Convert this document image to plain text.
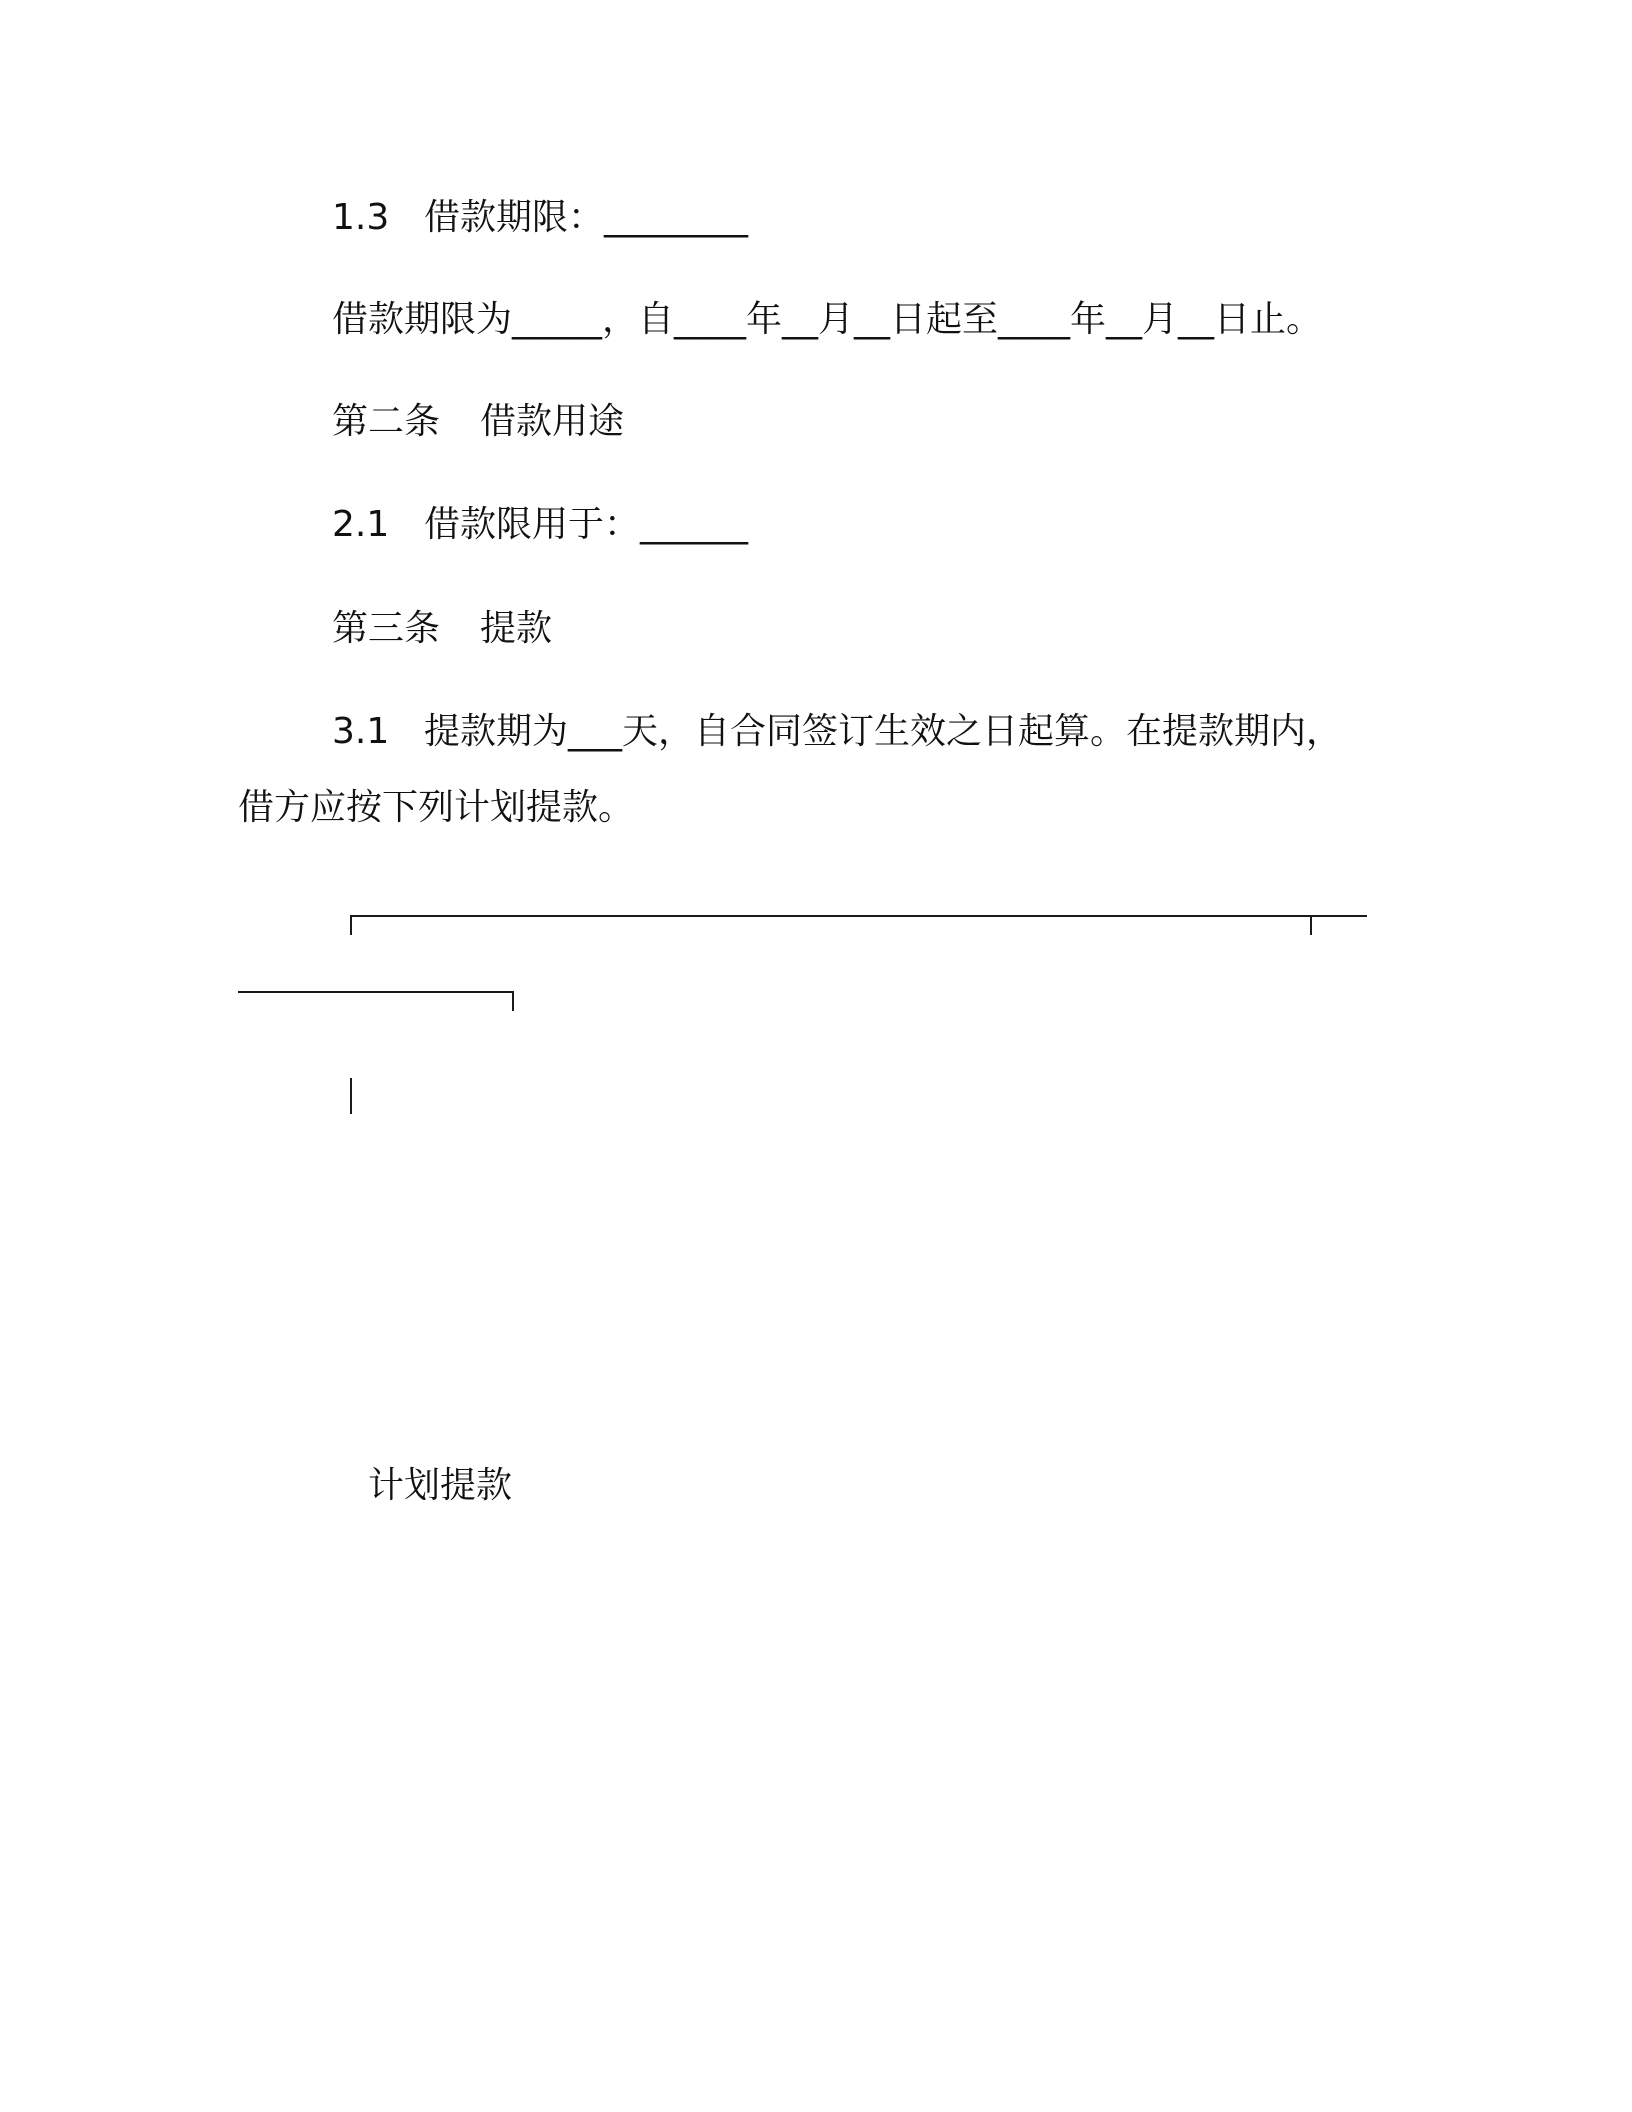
1.3 借款期限：________

借款期限为_____，自____年__月__日起至____年__月__日止。

第二条 借款用途

2.1 借款限用于：______

第三条 提款

3.1 提款期为___天，自合同签订生效之日起算。在提款期内，

借方应按下列计划提款。

计划提款
